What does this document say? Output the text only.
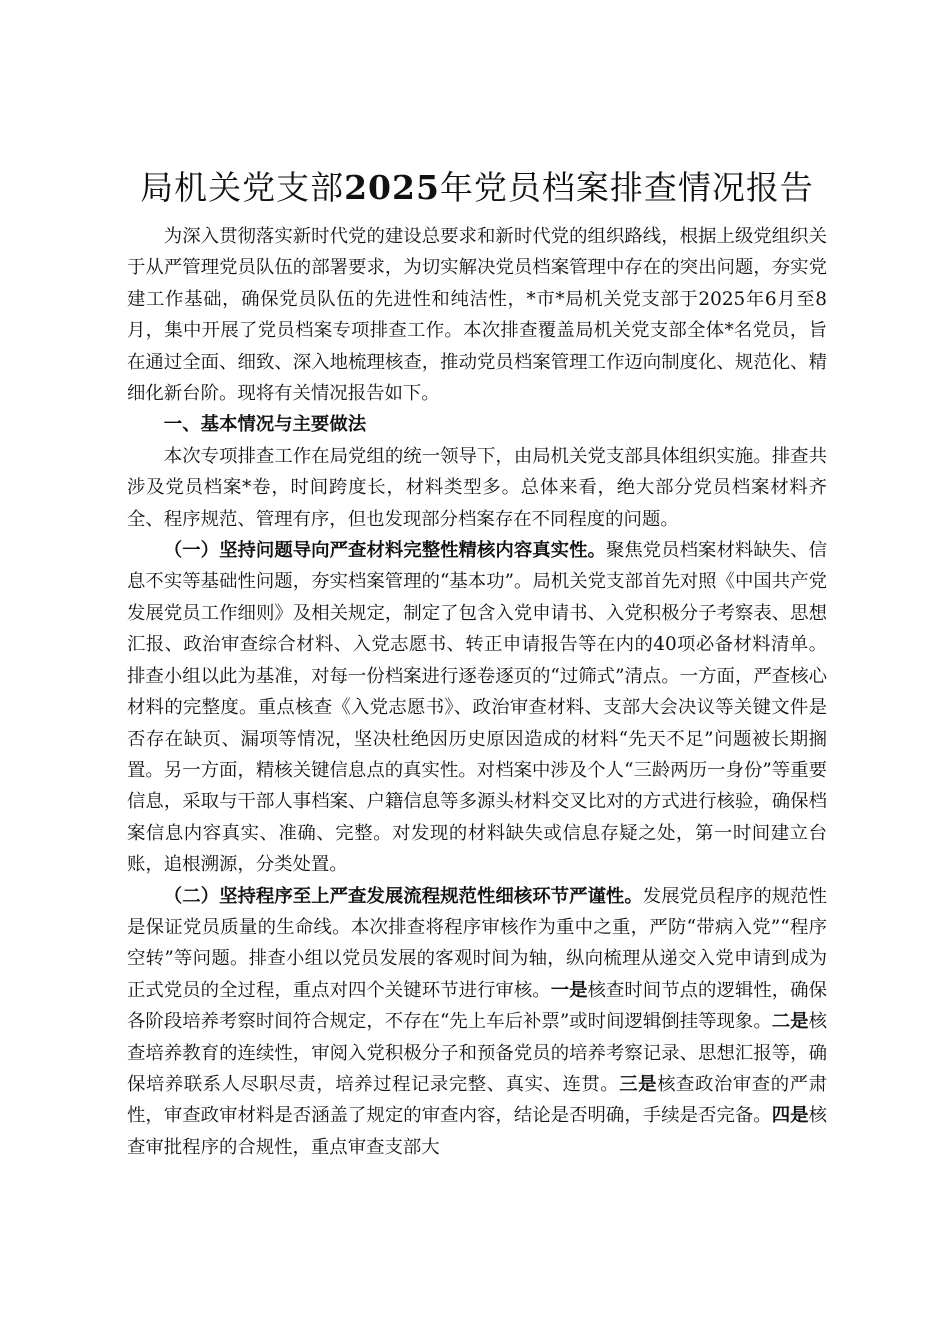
局机关党支部2025年党员档案排查情况报告

为深入贯彻落实新时代党的建设总要求和新时代党的组织路线，根据上级党组织关于从严管理党员队伍的部署要求，为切实解决党员档案管理中存在的突出问题，夯实党建工作基础，确保党员队伍的先进性和纯洁性，*市*局机关党支部于2025年6月至8月，集中开展了党员档案专项排查工作。本次排查覆盖局机关党支部全体*名党员，旨在通过全面、细致、深入地梳理核查，推动党员档案管理工作迈向制度化、规范化、精细化新台阶。现将有关情况报告如下。

一、基本情况与主要做法

本次专项排查工作在局党组的统一领导下，由局机关党支部具体组织实施。排查共涉及党员档案*卷，时间跨度长，材料类型多。总体来看，绝大部分党员档案材料齐全、程序规范、管理有序，但也发现部分档案存在不同程度的问题。

（一）坚持问题导向严查材料完整性精核内容真实性。聚焦党员档案材料缺失、信息不实等基础性问题，夯实档案管理的“基本功”。局机关党支部首先对照《中国共产党发展党员工作细则》及相关规定，制定了包含入党申请书、入党积极分子考察表、思想汇报、政治审查综合材料、入党志愿书、转正申请报告等在内的40项必备材料清单。排查小组以此为基准，对每一份档案进行逐卷逐页的“过筛式”清点。一方面，严查核心材料的完整度。重点核查《入党志愿书》、政治审查材料、支部大会决议等关键文件是否存在缺页、漏项等情况，坚决杜绝因历史原因造成的材料“先天不足”问题被长期搁置。另一方面，精核关键信息点的真实性。对档案中涉及个人“三龄两历一身份”等重要信息，采取与干部人事档案、户籍信息等多源头材料交叉比对的方式进行核验，确保档案信息内容真实、准确、完整。对发现的材料缺失或信息存疑之处，第一时间建立台账，追根溯源，分类处置。

（二）坚持程序至上严查发展流程规范性细核环节严谨性。发展党员程序的规范性是保证党员质量的生命线。本次排查将程序审核作为重中之重，严防“带病入党”“程序空转”等问题。排查小组以党员发展的客观时间为轴，纵向梳理从递交入党申请到成为正式党员的全过程，重点对四个关键环节进行审核。一是核查时间节点的逻辑性，确保各阶段培养考察时间符合规定，不存在“先上车后补票”或时间逻辑倒挂等现象。二是核查培养教育的连续性，审阅入党积极分子和预备党员的培养考察记录、思想汇报等，确保培养联系人尽职尽责，培养过程记录完整、真实、连贯。三是核查政治审查的严肃性，审查政审材料是否涵盖了规定的审查内容，结论是否明确，手续是否完备。四是核查审批程序的合规性，重点审查支部大
